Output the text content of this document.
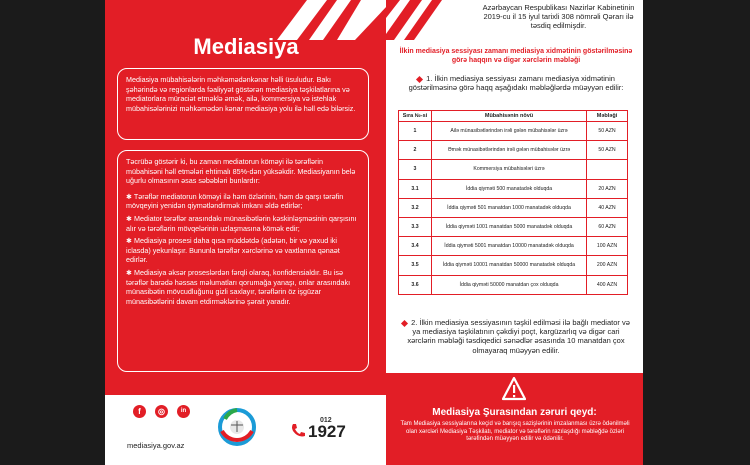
Mediasiya

Mediasiya mübahisələrin məhkəmədənkənar həlli üsuludur. Bakı şəhərində və regionlarda fəaliyyət göstərən mediasiya təşkilatlarına və mediatorlara müraciət etməklə əmək, ailə, kommersiya və istehlak mübahisələrinizi məhkəmədən kənar mediasiya yolu ilə həll edə bilərsiz.

Təcrübə göstərir ki, bu zaman mediatorun köməyi ilə tərəflərin mübahisəni həll etmələri ehtimalı 85%-dən yüksəkdir. Mediasiyanın belə uğurlu olmasının əsas səbəbləri bunlardır:

✱ Tərəflər mediatorun köməyi ilə həm özlərinin, həm də qarşı tərəfin mövqeyini yenidən qiymətləndirmək imkanı əldə edirlər;
✱ Mediator tərəflər arasındakı münasibətlərin kəskinləşməsinin qarşısını alır və tərəflərin mövqelərinin uzlaşmasına kömək edir;
✱ Mediasiya prosesi daha qısa müddətdə (adətən, bir və yaxud iki iclasda) yekunlaşır. Bununla tərəflər xərclərinə və vaxtlarına qənaət edirlər.
✱ Mediasiya əksər proseslərdən fərqli olaraq, konfidensialdır. Bu isə tərəflər barədə həssas məlumatları qorumağa yanaşı, onlar arasındakı münasibətin mövcudluğunu gizli saxlayır, tərəflərin öz işgüzar münasibətlərini davam etdirməklərinə şərait yaradır.
f	◎	in
mediasiya.gov.az
012
1927
Azərbaycan Respublikası Nazirlər Kabinetinin 2019-cu il 15 iyul tarixli 308 nömrəli Qərarı ilə təsdiq edilmişdir.
İlkin mediasiya sessiyası zamanı mediasiya xidmətinin göstərilməsinə görə haqqın və digər xərclərin məbləği
1. İlkin mediasiya sessiyası zamanı mediasiya xidmətinin göstərilməsinə görə haqq aşağıdakı məbləğlərdə müəyyən edilir:
Sıra №-si	Mübahisənin növü	Məbləği
1	Ailə münasibətlərindən irəli gələn mübahisələr üzrə	50 AZN
2	Əmək münasibətlərindən irəli gələn mübahisələr üzrə	50 AZN
3	Kommersiya mübahisələri üzrə	
3.1	İddia qiyməti 500 manatadək olduqda	20 AZN
3.2	İddia qiyməti 501 manatdan 1000 manatadək olduqda	40 AZN
3.3	İddia qiyməti 1001 manatdan 5000 manatadək olduqda	60 AZN
3.4	İddia qiyməti 5001 manatdan 10000 manatadək olduqda	100 AZN
3.5	İddia qiyməti 10001 manatdan 50000 manatadək olduqda	200 AZN
3.6	İddia qiyməti 50000 manatdan çox olduqda	400 AZN
2. İlkin mediasiya sessiyasının təşkil edilməsi ilə bağlı mediator və ya mediasiya təşkilatının çəkdiyi poçt, kargüzarlıq və digər cari xərclərin məbləği təsdiqedici sənədlər əsasında 10 manatdan çox olmayaraq müəyyən edilir.
Mediasiya Şurasından zəruri qeyd:
Tam Mediasiya sessiyalarına keçid və barışıq sazişlərinin imzalanması üzrə ödənilməli olan xərcləri Mediasiya Təşkilatı, mediator və tərəflərin razılaşdığı məbləğdə özləri tərəfindən müəyyən edilir və ödənilir.
